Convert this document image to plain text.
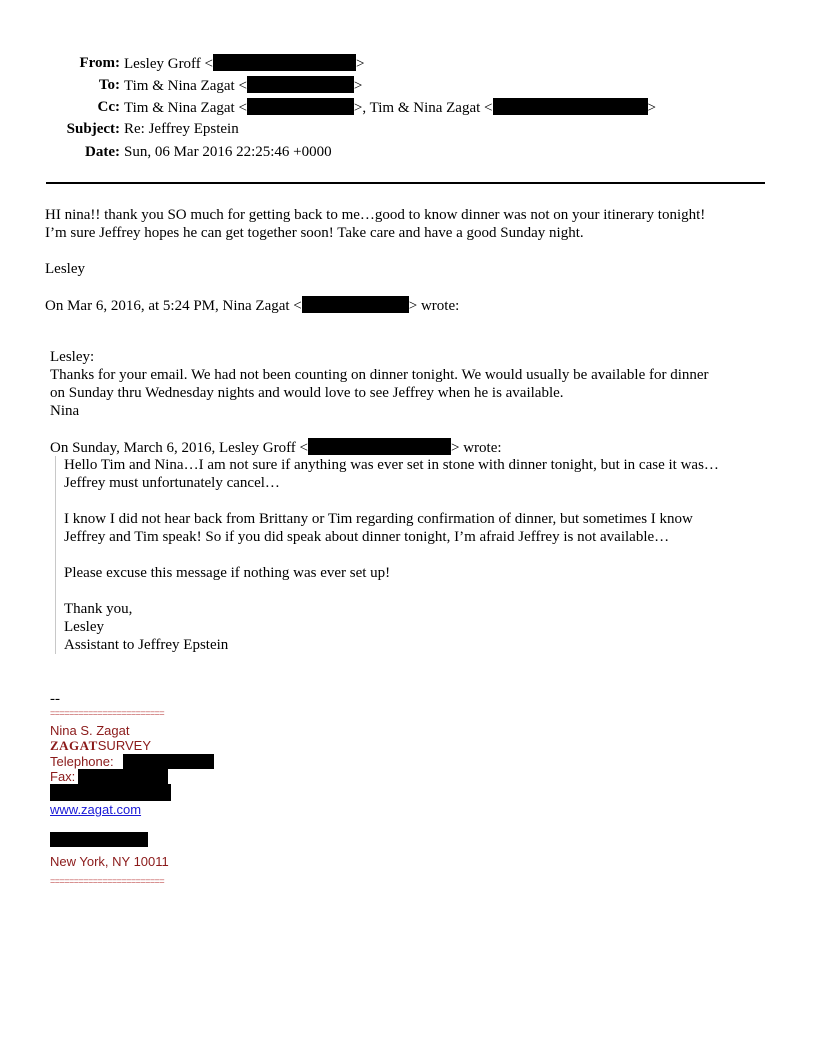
From: Lesley Groff <	>
To: Tim & Nina Zagat <	>
Cc: Tim & Nina Zagat <	>, Tim & Nina Zagat <	>
Subject: Re: Jeffrey Epstein
Date: Sun, 06 Mar 2016 22:25:46 +0000
HI nina!! thank you SO much for getting back to me…good to know dinner was not on your itinerary tonight!
I’m sure Jeffrey hopes he can get together soon! Take care and have a good Sunday night.
Lesley
On Mar 6, 2016, at 5:24 PM, Nina Zagat <	> wrote:
Lesley:
Thanks for your email. We had not been counting on dinner tonight. We would usually be available for dinner
on Sunday thru Wednesday nights and would love to see Jeffrey when he is available.
Nina
On Sunday, March 6, 2016, Lesley Groff <	> wrote:
Hello Tim and Nina…I am not sure if anything was ever set in stone with dinner tonight, but in case it was…
Jeffrey must unfortunately cancel…
I know I did not hear back from Brittany or Tim regarding confirmation of dinner, but sometimes I know
Jeffrey and Tim speak! So if you did speak about dinner tonight, I’m afraid Jeffrey is not available…
Please excuse this message if nothing was ever set up!
Thank you,
Lesley
Assistant to Jeffrey Epstein
--
========================
Nina S. Zagat
ZAGATSURVEY
Telephone:
Fax:
www.zagat.com
New York, NY 10011
========================
